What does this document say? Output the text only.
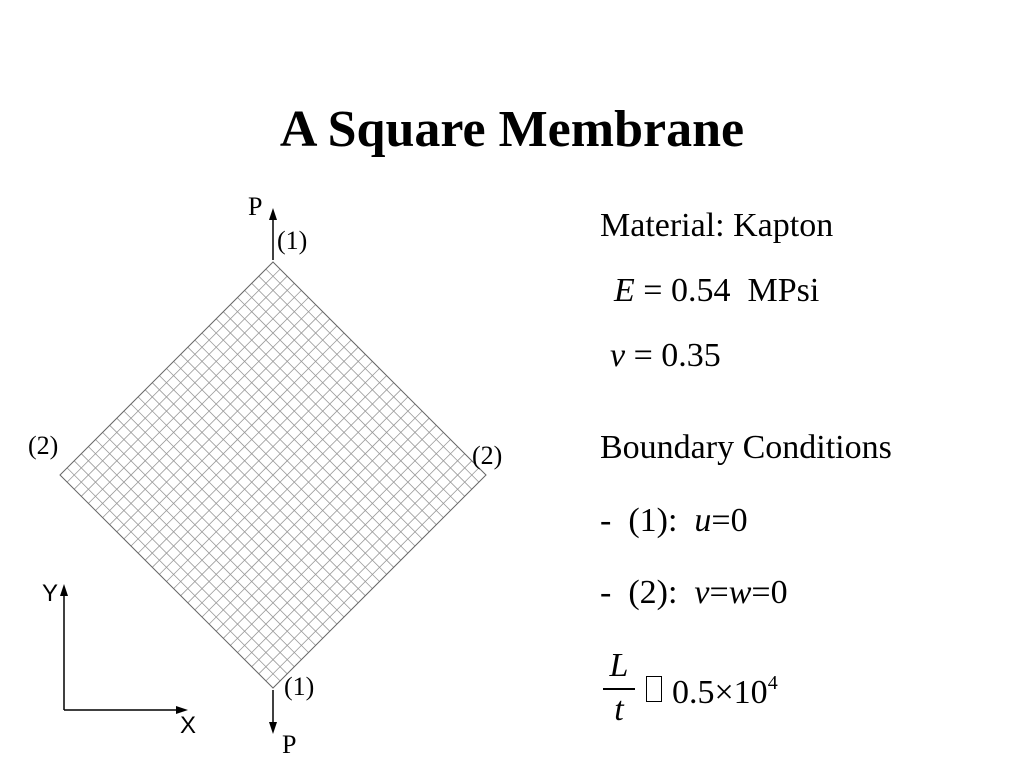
A Square Membrane
P
(1)
(2)	(2)
(1)
P
Y
X
Material: Kapton
E = 0.54  MPsi
ν = 0.35
Boundary Conditions
-  (1):  u=0
-  (2):  v=w=0
L
t	$0.5\times 10^4$
